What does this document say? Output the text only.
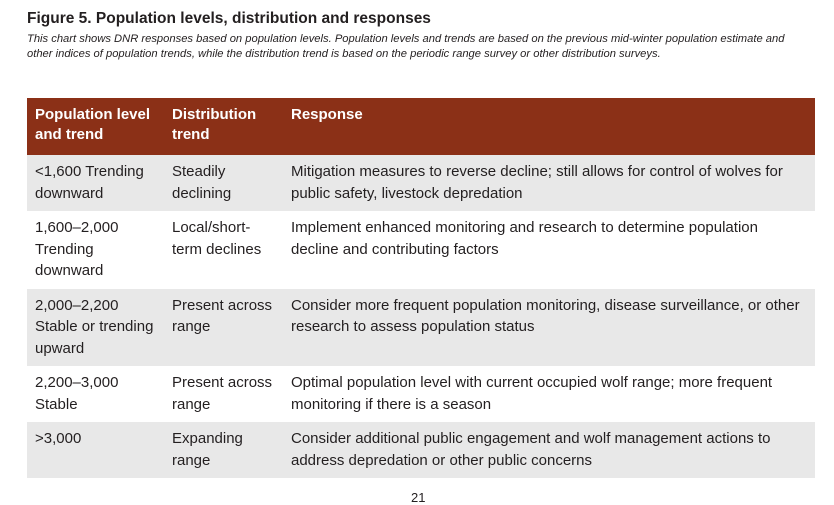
Figure 5. Population levels, distribution and responses

This chart shows DNR responses based on population levels. Population levels and trends are based on the previous mid-winter population estimate and other indices of population trends, while the distribution trend is based on the periodic range survey or other distribution surveys.

Population level and trend	Distribution trend	Response
<1,600 Trending downward	Steadily declining	Mitigation measures to reverse decline; still allows for control of wolves for public safety, livestock depredation
1,600–2,000 Trending downward	Local/short-term declines	Implement enhanced monitoring and research to determine population decline and contributing factors
2,000–2,200 Stable or trending upward	Present across range	Consider more frequent population monitoring, disease surveillance, or other research to assess population status
2,200–3,000 Stable	Present across range	Optimal population level with current occupied wolf range; more frequent monitoring if there is a season
>3,000	Expanding range	Consider additional public engagement and wolf management actions to address depredation or other public concerns
21
